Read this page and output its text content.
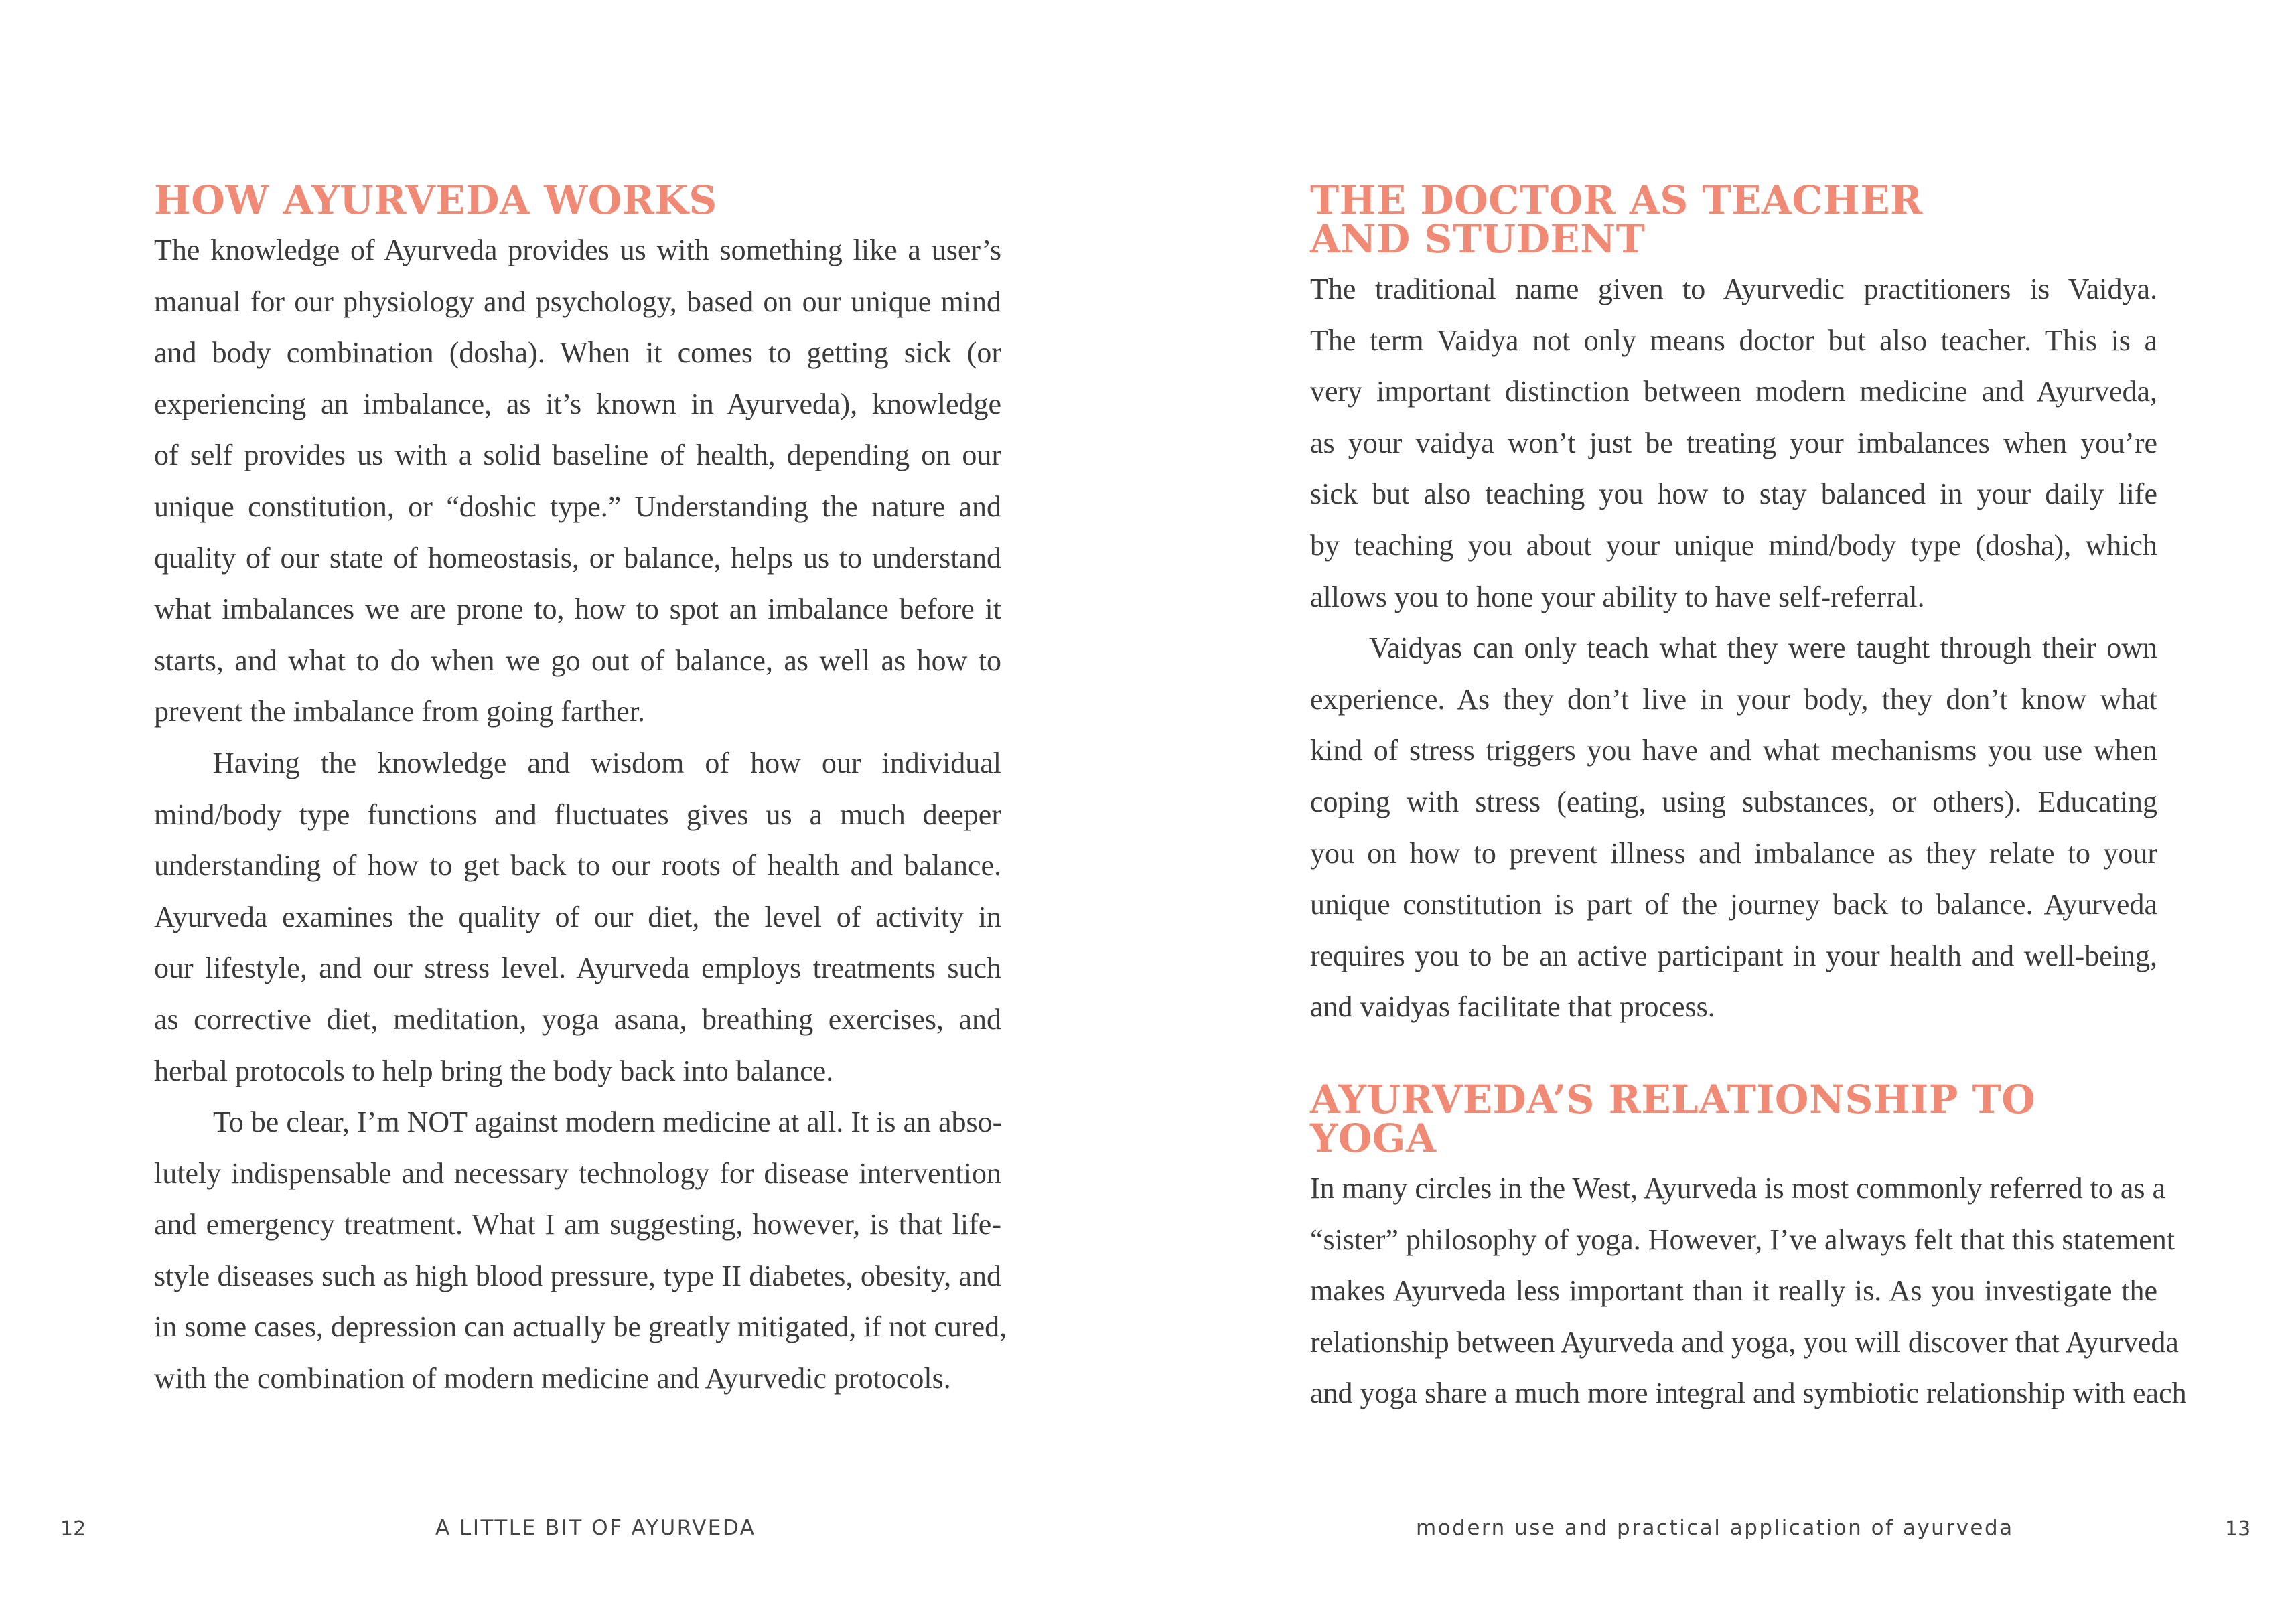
HOW AYURVEDA WORKS
The knowledge of Ayurveda provides us with something like a user’s
manual for our physiology and psychology, based on our unique mind
and body combination (dosha). When it comes to getting sick (or
experiencing an imbalance, as it’s known in Ayurveda), knowledge
of self provides us with a solid baseline of health, depending on our
unique constitution, or “doshic type.” Understanding the nature and
quality of our state of homeostasis, or balance, helps us to understand
what imbalances we are prone to, how to spot an imbalance before it
starts, and what to do when we go out of balance, as well as how to
prevent the imbalance from going farther.
Having the knowledge and wisdom of how our individual
mind/body type functions and fluctuates gives us a much deeper
understanding of how to get back to our roots of health and balance.
Ayurveda examines the quality of our diet, the level of activity in
our lifestyle, and our stress level. Ayurveda employs treatments such
as corrective diet, meditation, yoga asana, breathing exercises, and
herbal protocols to help bring the body back into balance.
To be clear, I’m NOT against modern medicine at all. It is an abso-
lutely indispensable and necessary technology for disease intervention
and emergency treatment. What I am suggesting, however, is that life-
style diseases such as high blood pressure, type II diabetes, obesity, and
in some cases, depression can actually be greatly mitigated, if not cured,
with the combination of modern medicine and Ayurvedic protocols.
12	A LITTLE BIT OF AYURVEDA
THE DOCTOR AS TEACHER
AND STUDENT
The traditional name given to Ayurvedic practitioners is Vaidya.
The term Vaidya not only means doctor but also teacher. This is a
very important distinction between modern medicine and Ayurveda,
as your vaidya won’t just be treating your imbalances when you’re
sick but also teaching you how to stay balanced in your daily life
by teaching you about your unique mind/body type (dosha), which
allows you to hone your ability to have self-referral.
Vaidyas can only teach what they were taught through their own
experience. As they don’t live in your body, they don’t know what
kind of stress triggers you have and what mechanisms you use when
coping with stress (eating, using substances, or others). Educating
you on how to prevent illness and imbalance as they relate to your
unique constitution is part of the journey back to balance. Ayurveda
requires you to be an active participant in your health and well-being,
and vaidyas facilitate that process.
AYURVEDA’S RELATIONSHIP TO YOGA
In many circles in the West, Ayurveda is most commonly referred to as a
“sister” philosophy of yoga. However, I’ve always felt that this statement
makes Ayurveda less important than it really is. As you investigate the
relationship between Ayurveda and yoga, you will discover that Ayurveda
and yoga share a much more integral and symbiotic relationship with each
modern use and practical application of ayurveda	13
